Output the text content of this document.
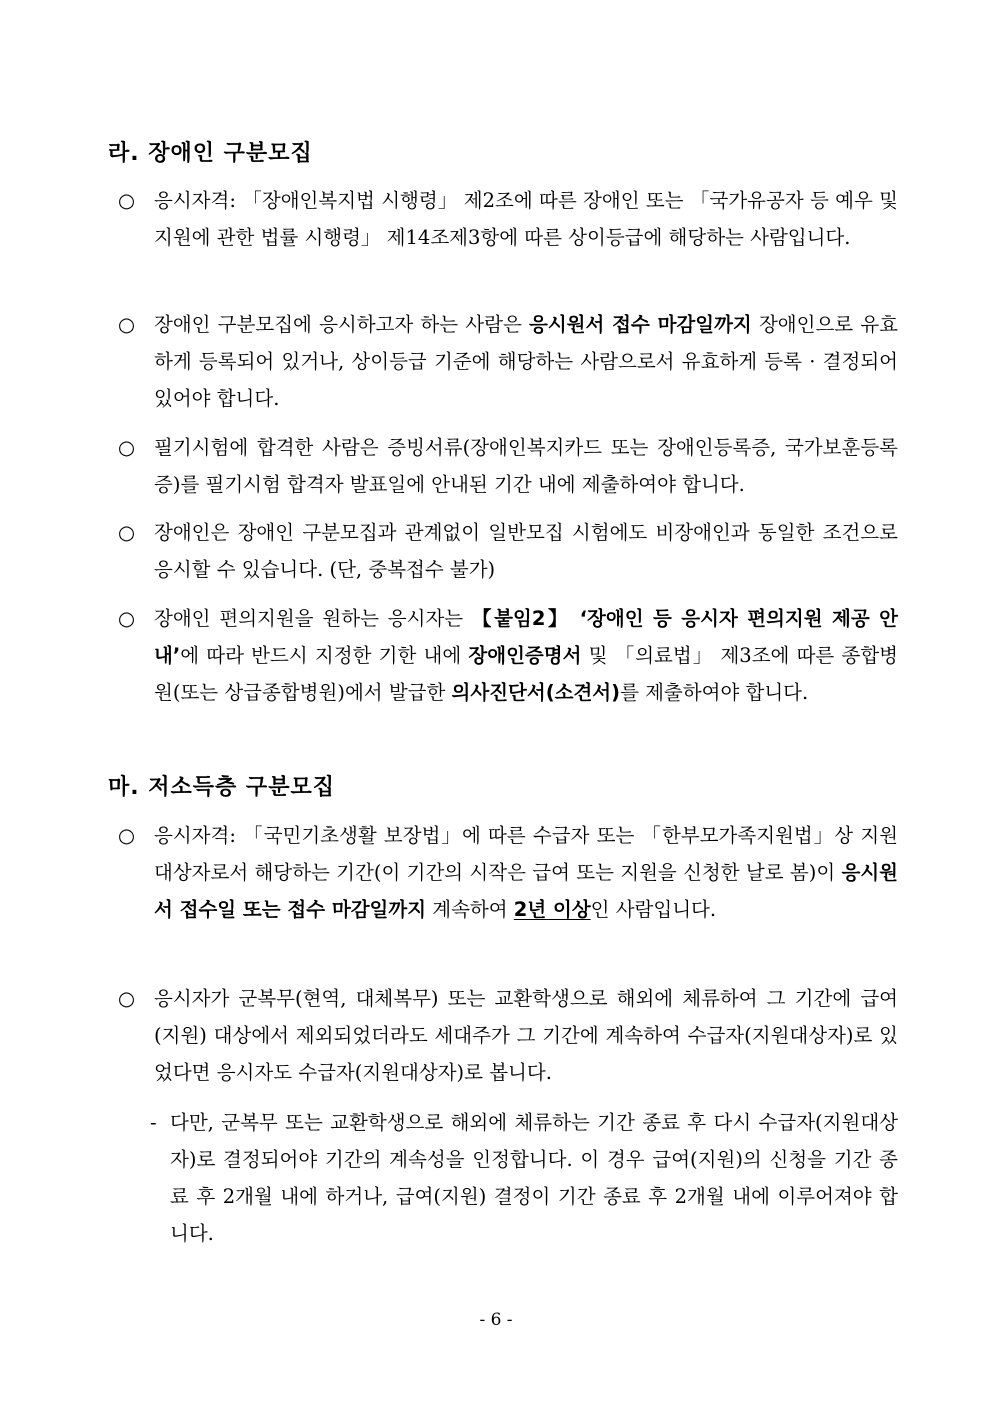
라. 장애인 구분모집
○ 응시자격: 「장애인복지법 시행령」 제2조에 따른 장애인 또는 「국가유공자 등 예우 및 지원에 관한 법률 시행령」 제14조제3항에 따른 상이등급에 해당하는 사람입니다.
○ 장애인 구분모집에 응시하고자 하는 사람은 응시원서 접수 마감일까지 장애인으로 유효하게 등록되어 있거나, 상이등급 기준에 해당하는 사람으로서 유효하게 등록 · 결정되어 있어야 합니다.
○ 필기시험에 합격한 사람은 증빙서류(장애인복지카드 또는 장애인등록증, 국가보훈등록증)를 필기시험 합격자 발표일에 안내된 기간 내에 제출하여야 합니다.
○ 장애인은 장애인 구분모집과 관계없이 일반모집 시험에도 비장애인과 동일한 조건으로 응시할 수 있습니다. (단, 중복접수 불가)
○ 장애인 편의지원을 원하는 응시자는 【붙임2】 ‘장애인 등 응시자 편의지원 제공 안내’에 따라 반드시 지정한 기한 내에 장애인증명서 및 「의료법」 제3조에 따른 종합병원(또는 상급종합병원)에서 발급한 의사진단서(소견서)를 제출하여야 합니다.
마. 저소득층 구분모집
○ 응시자격: 「국민기초생활 보장법」에 따른 수급자 또는 「한부모가족지원법」상 지원대상자로서 해당하는 기간(이 기간의 시작은 급여 또는 지원을 신청한 날로 봄)이 응시원서 접수일 또는 접수 마감일까지 계속하여 2년 이상인 사람입니다.
○ 응시자가 군복무(현역, 대체복무) 또는 교환학생으로 해외에 체류하여 그 기간에 급여(지원) 대상에서 제외되었더라도 세대주가 그 기간에 계속하여 수급자(지원대상자)로 있었다면 응시자도 수급자(지원대상자)로 봅니다.
- 다만, 군복무 또는 교환학생으로 해외에 체류하는 기간 종료 후 다시 수급자(지원대상자)로 결정되어야 기간의 계속성을 인정합니다. 이 경우 급여(지원)의 신청을 기간 종료 후 2개월 내에 하거나, 급여(지원) 결정이 기간 종료 후 2개월 내에 이루어져야 합니다.
- 6 -
